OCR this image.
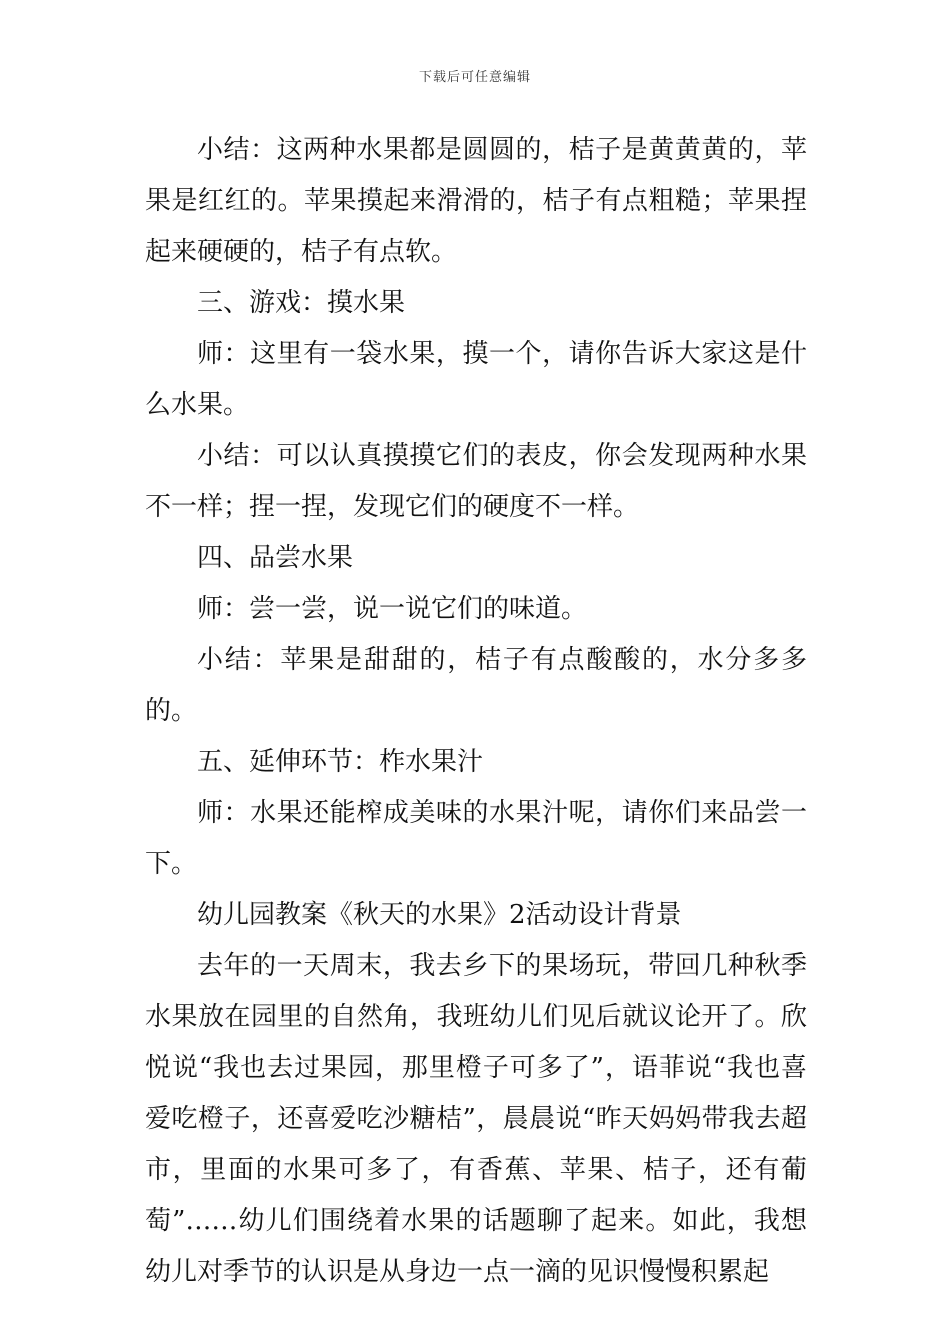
下载后可任意编辑

小结：这两种水果都是圆圆的，桔子是黄黄黄的，苹果是红红的。苹果摸起来滑滑的，桔子有点粗糙；苹果捏起来硬硬的，桔子有点软。

三、游戏：摸水果

师：这里有一袋水果，摸一个，请你告诉大家这是什么水果。

小结：可以认真摸摸它们的表皮，你会发现两种水果不一样；捏一捏，发现它们的硬度不一样。

四、品尝水果

师：尝一尝，说一说它们的味道。

小结：苹果是甜甜的，桔子有点酸酸的，水分多多的。

五、延伸环节：柞水果汁

师：水果还能榨成美味的水果汁呢，请你们来品尝一下。

幼儿园教案《秋天的水果》2活动设计背景

去年的一天周末，我去乡下的果场玩，带回几种秋季水果放在园里的自然角，我班幼儿们见后就议论开了。欣悦说“我也去过果园，那里橙子可多了”，语菲说“我也喜爱吃橙子，还喜爱吃沙糖桔”，晨晨说“昨天妈妈带我去超市，里面的水果可多了，有香蕉、苹果、桔子，还有葡萄”……幼儿们围绕着水果的话题聊了起来。如此，我想幼儿对季节的认识是从身边一点一滴的见识慢慢积累起
